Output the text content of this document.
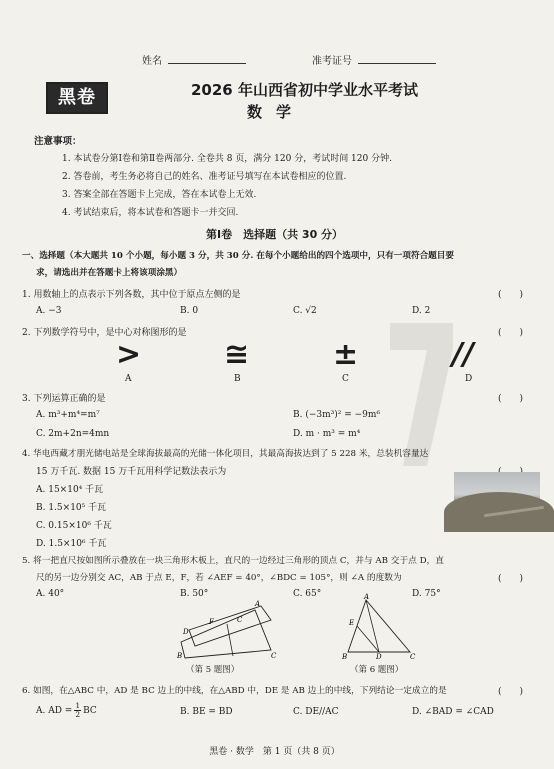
姓名	准考证号
黑卷	2026 年山西省初中学业水平考试
数学
注意事项：
1. 本试卷分第Ⅰ卷和第Ⅱ卷两部分. 全卷共 8 页，满分 120 分，考试时间 120 分钟.
2. 答卷前，考生务必将自己的姓名、准考证号填写在本试卷相应的位置.
3. 答案全部在答题卡上完成，答在本试卷上无效.
4. 考试结束后，将本试卷和答题卡一并交回.
第Ⅰ卷　选择题（共 30 分）
一、选择题（本大题共 10 个小题，每小题 3 分，共 30 分. 在每个小题给出的四个选项中，只有一项符合题目要
求，请选出并在答题卡上将该项涂黑）
1. 用数轴上的点表示下列各数，其中位于原点左侧的是	(　　)
A. −3	B. 0	C. √2	D. 2
2. 下列数学符号中，是中心对称图形的是	(　　)
>	≅	±	//
A	B	C	D
3. 下列运算正确的是	(　　)
A. m³+m⁴=m⁷	B. (−3m³)² = −9m⁶
C. 2m+2n=4mn	D. m · m³ = m⁴
4. 华电西藏才朋光储电站是全球海拔最高的光储一体化项目，其最高海拔达到了 5 228 米，总装机容量达
15 万千瓦. 数据 15 万千瓦用科学记数法表示为
A. 15×10⁴ 千瓦
B. 1.5×10⁵ 千瓦
C. 0.15×10⁶ 千瓦
D. 1.5×10⁶ 千瓦
5. 将一把直尺按如图所示叠放在一块三角形木板上，直尺的一边经过三角形的顶点 C，并与 AB 交于点 D，直
尺的另一边分别交 AC，AB 于点 E，F，若 ∠AEF = 40°，∠BDC = 105°，则 ∠A 的度数为	(　　)
A. 40°	B. 50°	C. 65°	D. 75°
D
F	C
B	C
A
（第 5 题图）
A
E
B	D	C
（第 6 题图）
6. 如图，在△ABC 中，AD 是 BC 边上的中线，在△ABD 中，DE 是 AB 边上的中线，下列结论一定成立的是	(　　)
A. AD = $\frac{1}{2}$ BC	B. BE = BD	C. DE//AC	D. ∠BAD = ∠CAD
黑卷 · 数学　第 1 页（共 8 页）
